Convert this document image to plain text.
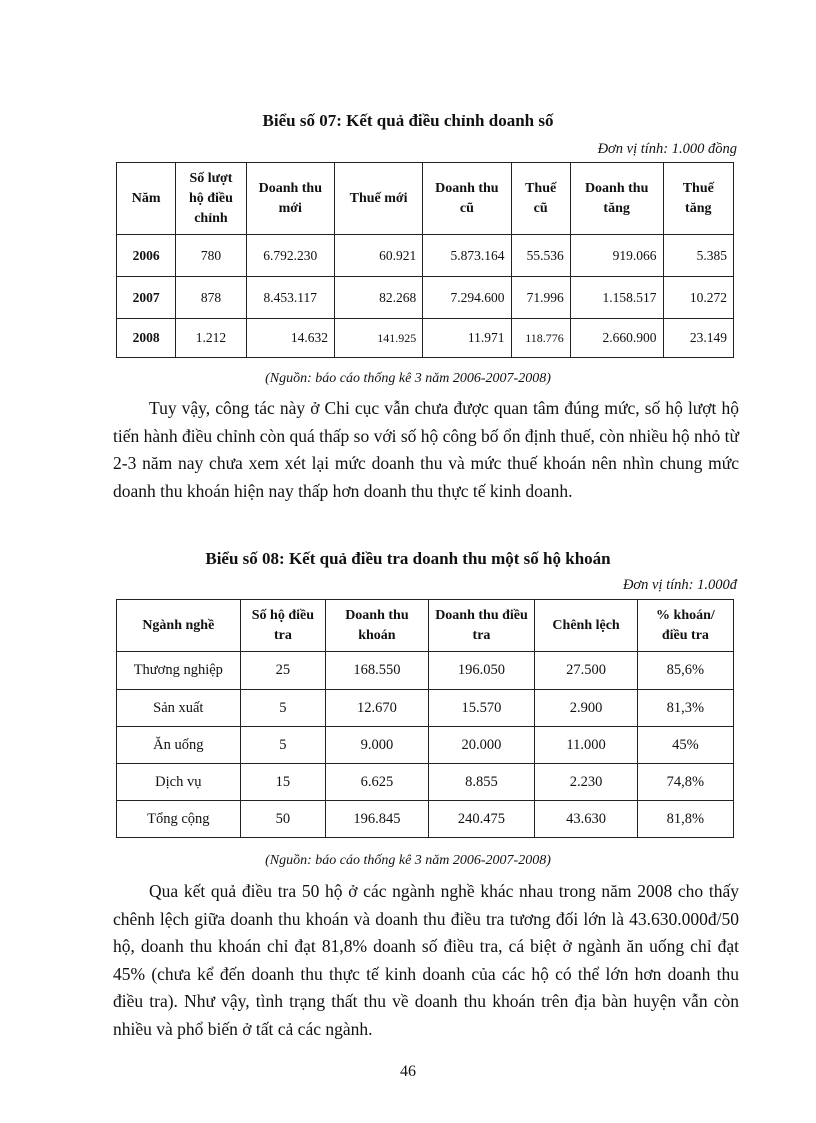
Biểu số 07: Kết quả điều chỉnh doanh số
Đơn vị tính: 1.000 đồng
Năm	Số lượt hộ điều chỉnh	Doanh thu mới	Thuế mới	Doanh thu cũ	Thuế cũ	Doanh thu tăng	Thuế tăng
2006	780	6.792.230	60.921	5.873.164	55.536	919.066	5.385
2007	878	8.453.117	82.268	7.294.600	71.996	1.158.517	10.272
2008	1.212	14.632	141.925	11.971	118.776	2.660.900	23.149
(Nguồn: báo cáo thống kê 3 năm 2006-2007-2008)

Tuy vậy, công tác này ở Chi cục vẫn chưa được quan tâm đúng mức, số hộ lượt hộ tiến hành điều chỉnh còn quá thấp so với số hộ công bố ổn định thuế, còn nhiều hộ nhỏ từ 2-3 năm nay chưa xem xét lại mức doanh thu và mức thuế khoán nên nhìn chung mức doanh thu khoán hiện nay thấp hơn doanh thu thực tế kinh doanh.

Biểu số 08: Kết quả điều tra doanh thu một số hộ khoán
Đơn vị tính: 1.000đ
Ngành nghề	Số hộ điều tra	Doanh thu khoán	Doanh thu điều tra	Chênh lệch	% khoán/ điều tra
Thương nghiệp	25	168.550	196.050	27.500	85,6%
Sản xuất	5	12.670	15.570	2.900	81,3%
Ăn uống	5	9.000	20.000	11.000	45%
Dịch vụ	15	6.625	8.855	2.230	74,8%
Tổng cộng	50	196.845	240.475	43.630	81,8%
(Nguồn: báo cáo thống kê 3 năm 2006-2007-2008)

Qua kết quả điều tra 50 hộ ở các ngành nghề khác nhau trong năm 2008 cho thấy chênh lệch giữa doanh thu khoán và doanh thu điều tra tương đối lớn là 43.630.000đ/50 hộ, doanh thu khoán chỉ đạt 81,8% doanh số điều tra, cá biệt ở ngành ăn uống chỉ đạt 45% (chưa kể đến doanh thu thực tế kinh doanh của các hộ có thể lớn hơn doanh thu điều tra). Như vậy, tình trạng thất thu về doanh thu khoán trên địa bàn huyện vẫn còn nhiều và phổ biến ở tất cả các ngành.

46
